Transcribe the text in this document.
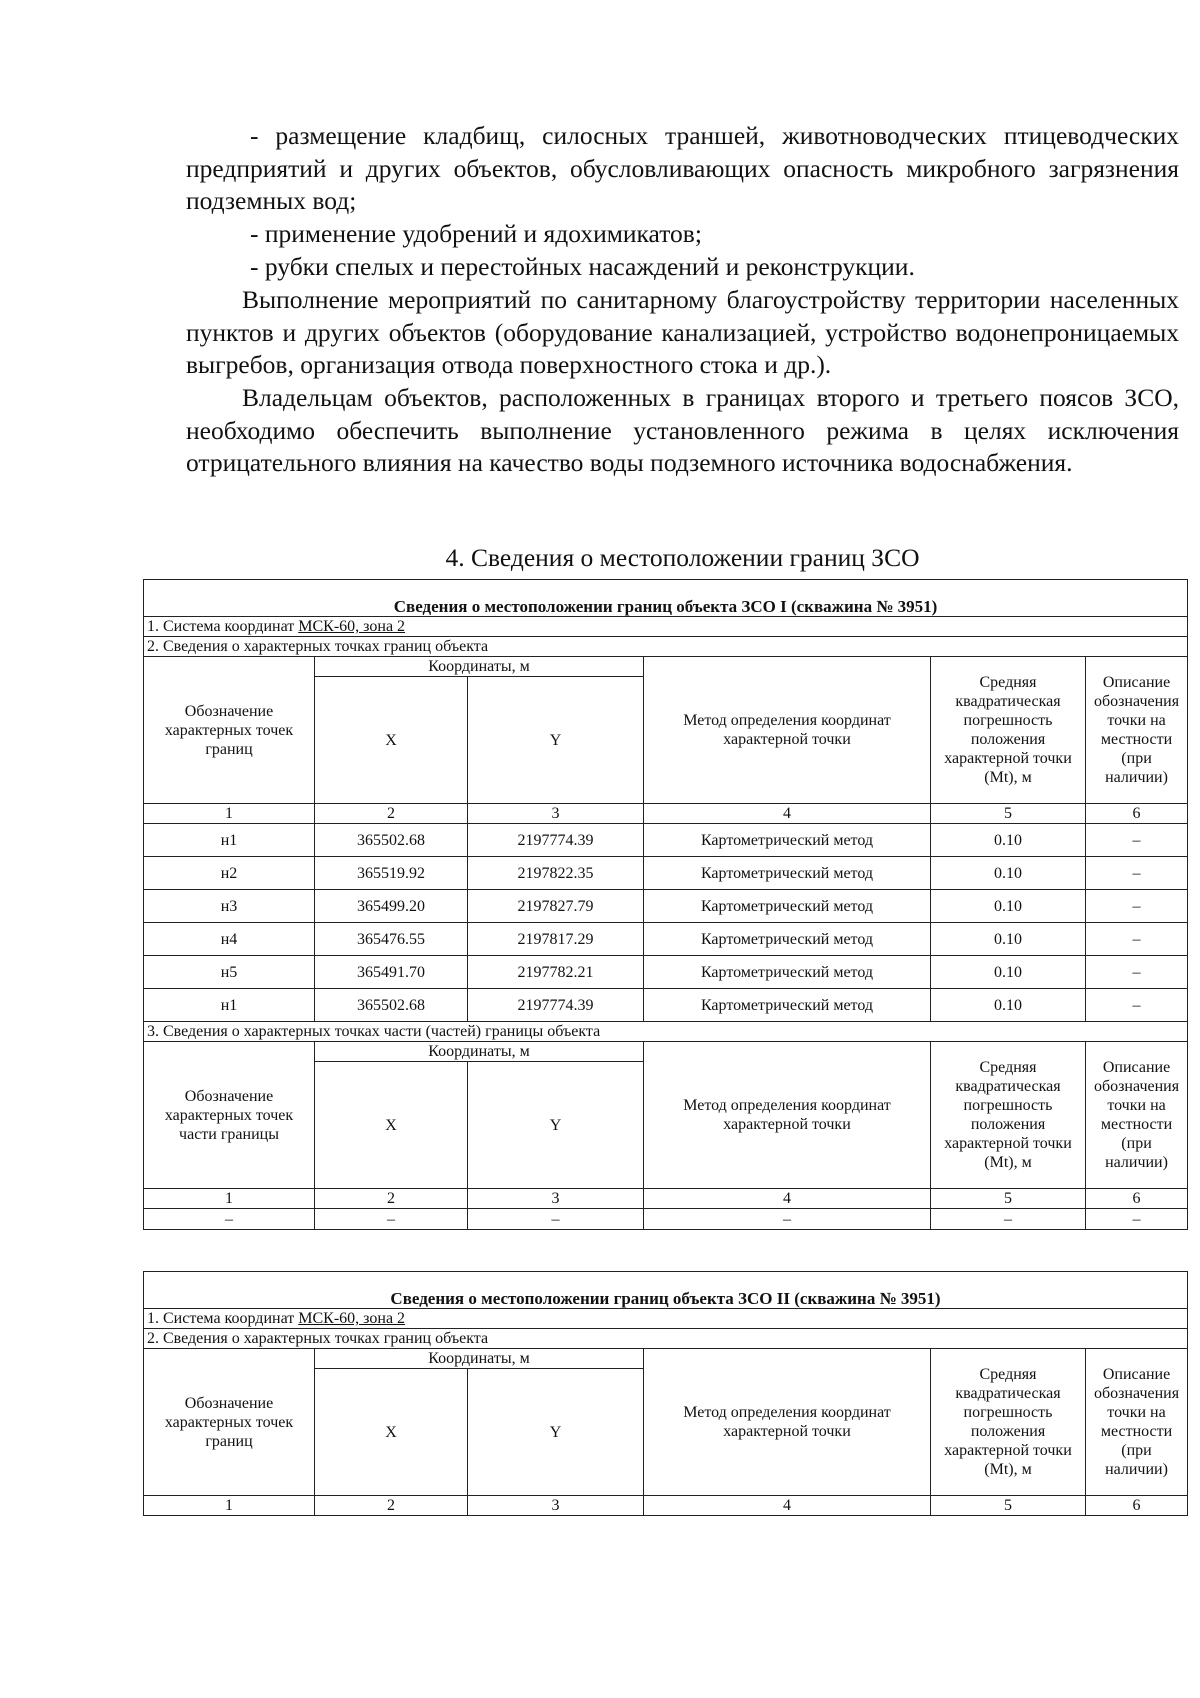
- размещение кладбищ, силосных траншей, животноводческих птицеводческих предприятий и других объектов, обусловливающих опасность микробного загрязнения подземных вод;

- применение удобрений и ядохимикатов;

- рубки спелых и перестойных насаждений и реконструкции.

Выполнение мероприятий по санитарному благоустройству территории населенных пунктов и других объектов (оборудование канализацией, устройство водонепроницаемых выгребов, организация отвода поверхностного стока и др.).

Владельцам объектов, расположенных в границах второго и третьего поясов ЗСО, необходимо обеспечить выполнение установленного режима в целях исключения отрицательного влияния на качество воды подземного источника водоснабжения.

4. Сведения о местоположении границ ЗСО
Сведения о местоположении границ объекта ЗСО I (скважина № 3951)					
1. Система координат МСК-60, зона 2					
2. Сведения о характерных точках границ объекта					
Обозначение характерных точек границ	Координаты, м		Метод определения координат характерной точки	Средняя квадратическая погрешность положения характерной точки (Mt), м	Описание обозначения точки на местности (при наличии)
	X	Y			
1	2	3	4	5	6
н1	365502.68	2197774.39	Картометрический метод	0.10	–
н2	365519.92	2197822.35	Картометрический метод	0.10	–
н3	365499.20	2197827.79	Картометрический метод	0.10	–
н4	365476.55	2197817.29	Картометрический метод	0.10	–
н5	365491.70	2197782.21	Картометрический метод	0.10	–
н1	365502.68	2197774.39	Картометрический метод	0.10	–
3. Сведения о характерных точках части (частей) границы объекта					
Обозначение характерных точек части границы	Координаты, м		Метод определения координат характерной точки	Средняя квадратическая погрешность положения характерной точки (Mt), м	Описание обозначения точки на местности (при наличии)
	X	Y			
1	2	3	4	5	6
–	–	–	–	–	–
Сведения о местоположении границ объекта ЗСО II (скважина № 3951)					
1. Система координат МСК-60, зона 2					
2. Сведения о характерных точках границ объекта					
Обозначение характерных точек границ	Координаты, м		Метод определения координат характерной точки	Средняя квадратическая погрешность положения характерной точки (Mt), м	Описание обозначения точки на местности (при наличии)
	X	Y			
1	2	3	4	5	6
